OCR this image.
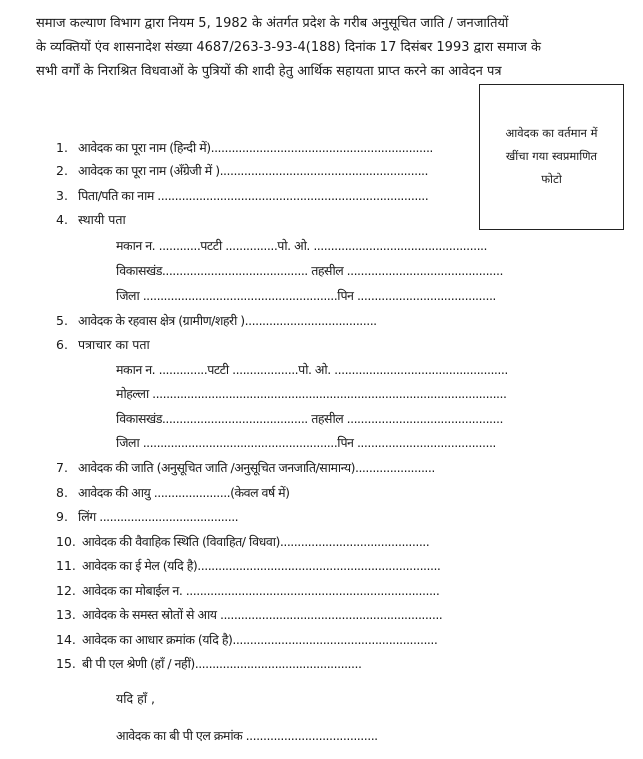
समाज कल्याण विभाग द्वारा नियम 5, 1982 के अंतर्गत प्रदेश के गरीब अनुसूचित जाति / जनजातियों
के व्यक्तियों एंव शासनादेश संख्या 4687/263-3-93-4(188) दिनांक 17 दिसंबर 1993 द्वारा समाज के
सभी वर्गों के निराश्रित विधवाओं के पुत्रियों की शादी हेतु आर्थिक सहायता प्राप्त करने का आवेदन पत्र
आवेदक का वर्तमान में
खींचा गया स्वप्रमाणित
फोटो
1. आवेदक का पूरा नाम (हिन्दी में)................................................................
2. आवेदक का पूरा नाम (अँग्रेजी में )............................................................
3. पिता/पति का नाम ..............................................................................
4. स्थायी पता
मकान न. ............पटटी ...............पो. ओ. ..................................................
विकासखंड.......................................... तहसील .............................................
जिला ........................................................पिन ........................................
5. आवेदक के रहवास क्षेत्र (ग्रामीण/शहरी )......................................
6. पत्राचार का पता
मकान न. ..............पटटी ...................पो. ओ. ..................................................
मोहल्ला ......................................................................................................
विकासखंड.......................................... तहसील .............................................
जिला ........................................................पिन ........................................
7. आवेदक की जाति (अनुसूचित जाति /अनुसूचित जनजाति/सामान्य).......................
8. आवेदक की आयु ......................(केवल वर्ष में)
9. लिंग ........................................
10. आवेदक की वैवाहिक स्थिति (विवाहित/ विधवा)...........................................
11. आवेदक का ई मेल (यदि है)......................................................................
12. आवेदक का मोबाईल न. .........................................................................
13. आवेदक के समस्त स्रोतों से आय ................................................................
14. आवेदक का आधार क्रमांक (यदि है)...........................................................
15. बी पी एल श्रेणी (हॉं / नहीं)................................................
यदि हॉं ,
आवेदक का बी पी एल क्रमांक ......................................
